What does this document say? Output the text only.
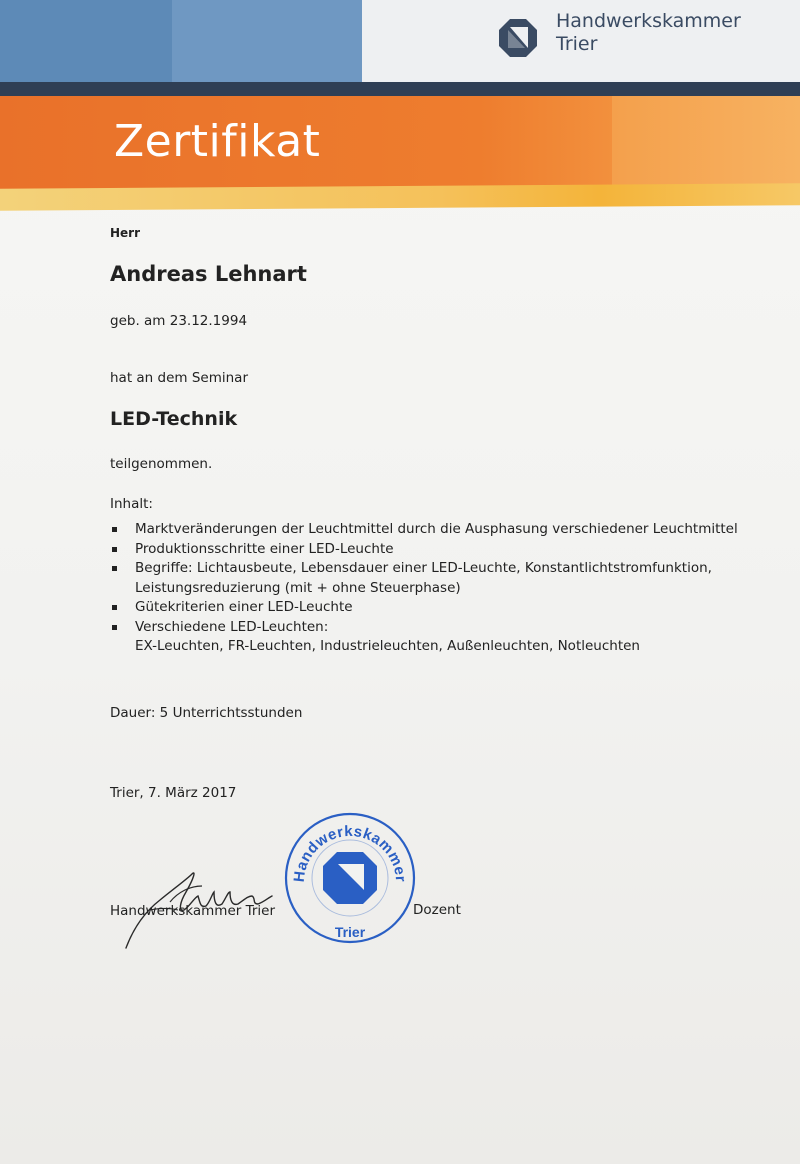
Handwerkskammer
Trier
Zertifikat
Herr
Andreas Lehnart
geb. am 23.12.1994
hat an dem Seminar
LED-Technik
teilgenommen.
Inhalt:
Marktveränderungen der Leuchtmittel durch die Ausphasung verschiedener Leuchtmittel
Produktionsschritte einer LED-Leuchte
Begriffe: Lichtausbeute, Lebensdauer einer LED-Leuchte, Konstantlichtstromfunktion,
Leistungsreduzierung (mit + ohne Steuerphase)
Gütekriterien einer LED-Leuchte
Verschiedene LED-Leuchten:
EX-Leuchten, FR-Leuchten, Industrieleuchten, Außenleuchten, Notleuchten
Dauer: 5 Unterrichtsstunden
Trier, 7. März 2017
Handwerkskammer Trier
Handwerkskammer
Trier
Dozent
